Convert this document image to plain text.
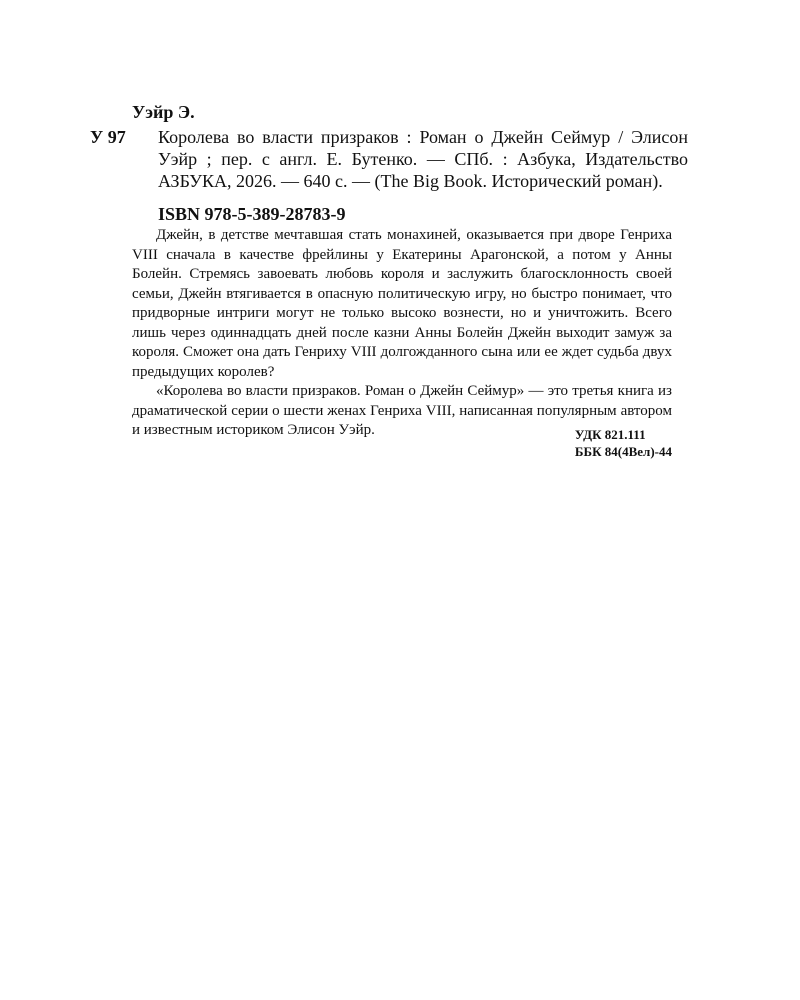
Уэйр Э.
У 97 Королева во власти призраков : Роман о Джейн Сеймур / Элисон Уэйр ; пер. с англ. Е. Бутенко. — СПб. : Азбука, Издательство АЗБУКА, 2026. — 640 с. — (The Big Book. Исторический роман).
ISBN 978-5-389-28783-9

Джейн, в детстве мечтавшая стать монахиней, оказывается при дворе Генриха VIII сначала в качестве фрейлины у Екатерины Арагонской, а потом у Анны Болейн. Стремясь завоевать любовь короля и заслужить благосклонность своей семьи, Джейн втягивается в опасную политическую игру, но быстро понимает, что придворные интриги могут не только высоко вознести, но и уничтожить. Всего лишь через одиннадцать дней после казни Анны Болейн Джейн выходит замуж за короля. Сможет она дать Генриху VIII долгожданного сына или ее ждет судьба двух предыдущих королев?

«Королева во власти призраков. Роман о Джейн Сеймур» — это третья книга из драматической серии о шести женах Генриха VIII, написанная популярным автором и известным историком Элисон Уэйр.	УДК 821.111
ББК 84(4Вел)-44
